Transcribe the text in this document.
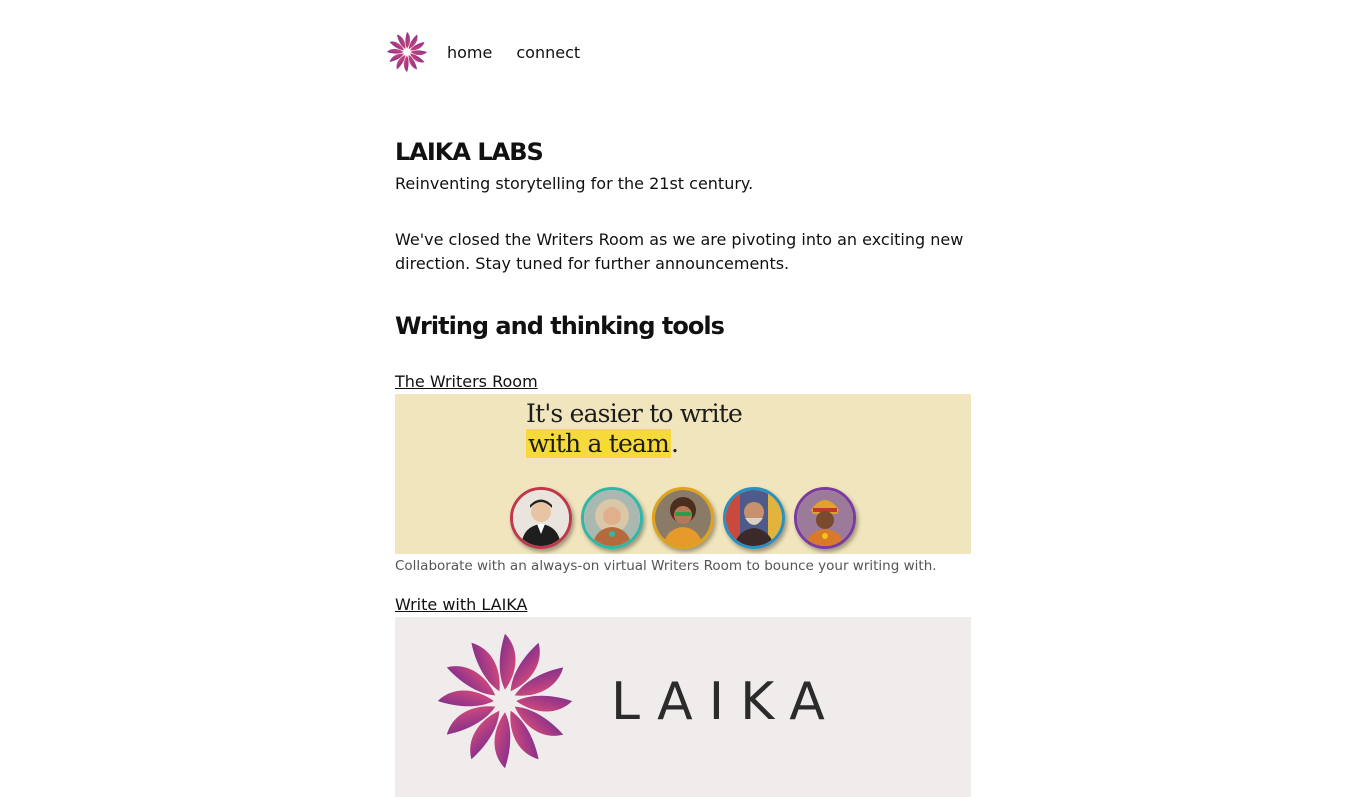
home connect
LAIKA LABS

Reinventing storytelling for the 21st century.

We've closed the Writers Room as we are pivoting into an exciting new direction. Stay tuned for further announcements.

Writing and thinking tools
The Writers Room
It's easier to write
with a team.

Collaborate with an always-on virtual Writers Room to bounce your writing with.

Write with LAIKA
LAIKA
